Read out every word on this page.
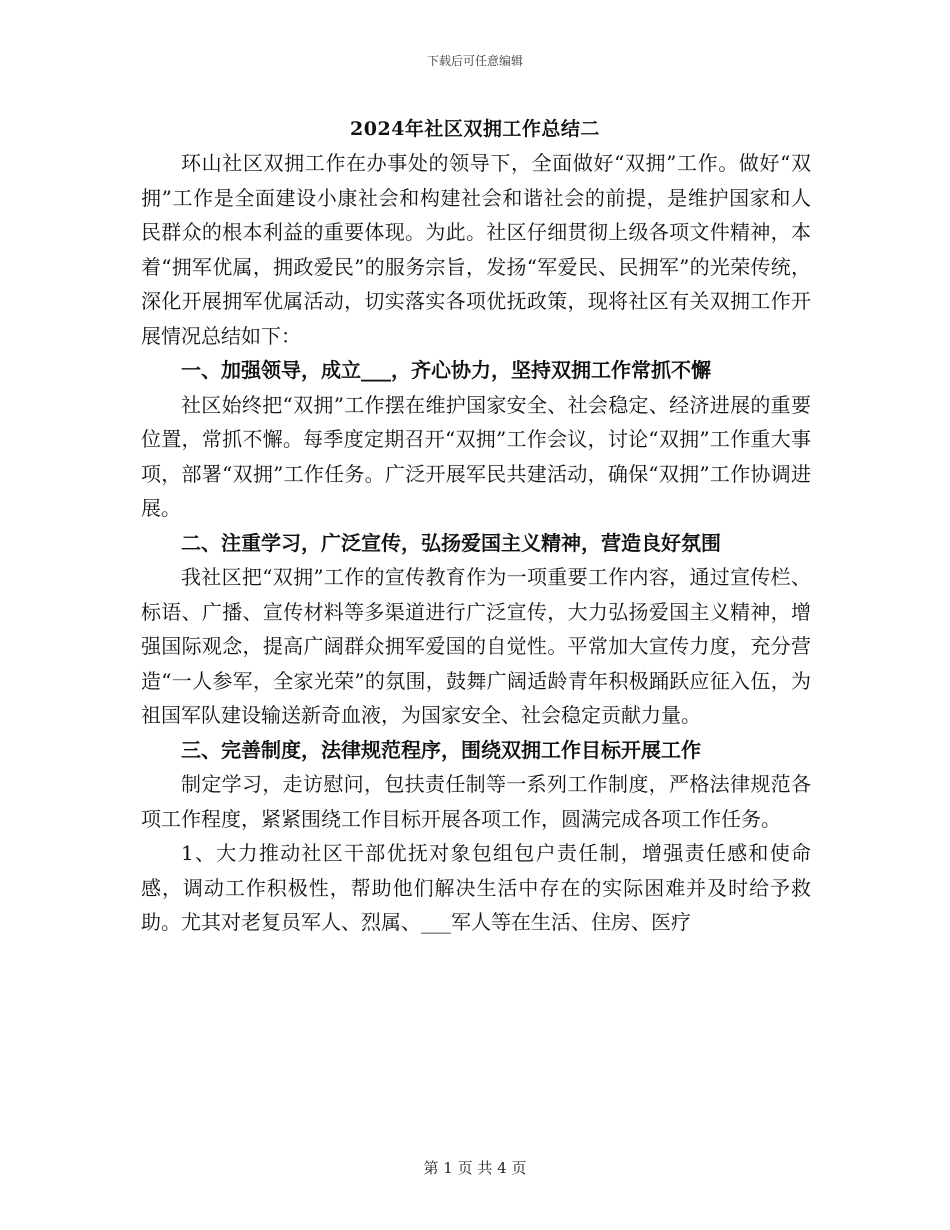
下载后可任意编辑
2024年社区双拥工作总结二

环山社区双拥工作在办事处的领导下，全面做好“双拥”工作。做好“双拥”工作是全面建设小康社会和构建社会和谐社会的前提，是维护国家和人民群众的根本利益的重要体现。为此。社区仔细贯彻上级各项文件精神，本着“拥军优属，拥政爱民”的服务宗旨，发扬“军爱民、民拥军”的光荣传统，深化开展拥军优属活动，切实落实各项优抚政策，现将社区有关双拥工作开展情况总结如下：

一、加强领导，成立___，齐心协力，坚持双拥工作常抓不懈

社区始终把“双拥”工作摆在维护国家安全、社会稳定、经济进展的重要位置，常抓不懈。每季度定期召开“双拥”工作会议，讨论“双拥”工作重大事项，部署“双拥”工作任务。广泛开展军民共建活动，确保“双拥”工作协调进展。

二、注重学习，广泛宣传，弘扬爱国主义精神，营造良好氛围

我社区把“双拥”工作的宣传教育作为一项重要工作内容，通过宣传栏、标语、广播、宣传材料等多渠道进行广泛宣传，大力弘扬爱国主义精神，增强国际观念，提高广阔群众拥军爱国的自觉性。平常加大宣传力度，充分营造“一人参军，全家光荣”的氛围，鼓舞广阔适龄青年积极踊跃应征入伍，为祖国军队建设输送新奇血液，为国家安全、社会稳定贡献力量。

三、完善制度，法律规范程序，围绕双拥工作目标开展工作

制定学习，走访慰问，包扶责任制等一系列工作制度，严格法律规范各项工作程度，紧紧围绕工作目标开展各项工作，圆满完成各项工作任务。

1、大力推动社区干部优抚对象包组包户责任制，增强责任感和使命感，调动工作积极性，帮助他们解决生活中存在的实际困难并及时给予救助。尤其对老复员军人、烈属、___军人等在生活、住房、医疗

第 1 页 共 4 页
